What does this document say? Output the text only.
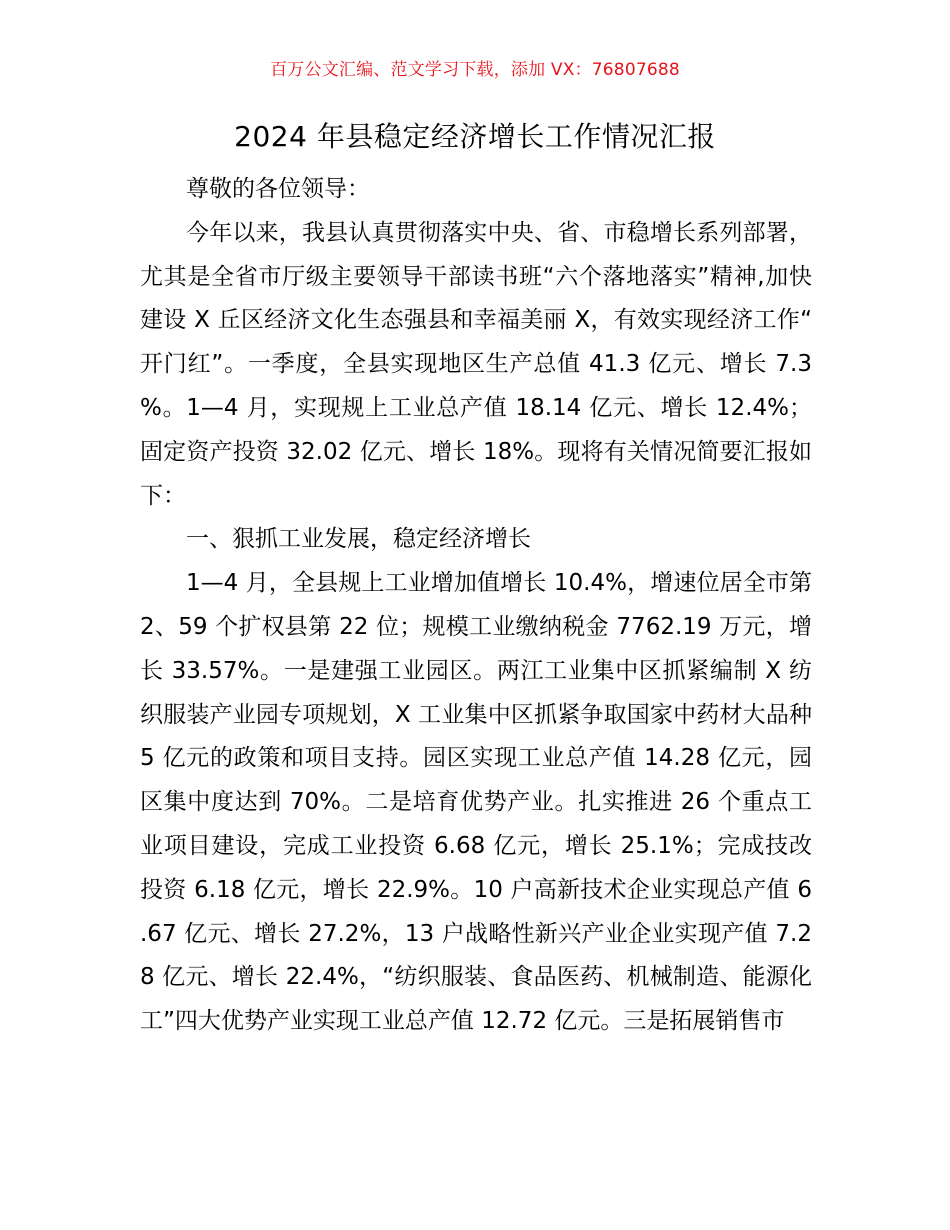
百万公文汇编、范文学习下载，添加 VX：76807688
2024 年县稳定经济增长工作情况汇报

尊敬的各位领导：

今年以来，我县认真贯彻落实中央、省、市稳增长系列部署，尤其是全省市厅级主要领导干部读书班“六个落地落实”精神,加快建设 X 丘区经济文化生态强县和幸福美丽 X，有效实现经济工作“开门红”。一季度，全县实现地区生产总值 41.3 亿元、增长 7.3%。1—4 月，实现规上工业总产值 18.14 亿元、增长 12.4%；固定资产投资 32.02 亿元、增长 18%。现将有关情况简要汇报如下：

一、狠抓工业发展，稳定经济增长

1—4 月，全县规上工业增加值增长 10.4%，增速位居全市第 2、59 个扩权县第 22 位；规模工业缴纳税金 7762.19 万元，增长 33.57%。一是建强工业园区。两江工业集中区抓紧编制 X 纺织服装产业园专项规划，X 工业集中区抓紧争取国家中药材大品种 5 亿元的政策和项目支持。园区实现工业总产值 14.28 亿元，园区集中度达到 70%。二是培育优势产业。扎实推进 26 个重点工业项目建设，完成工业投资 6.68 亿元，增长 25.1%；完成技改投资 6.18 亿元，增长 22.9%。10 户高新技术企业实现总产值 6.67 亿元、增长 27.2%，13 户战略性新兴产业企业实现产值 7.28 亿元、增长 22.4%，“纺织服装、食品医药、机械制造、能源化工”四大优势产业实现工业总产值 12.72 亿元。三是拓展销售市
